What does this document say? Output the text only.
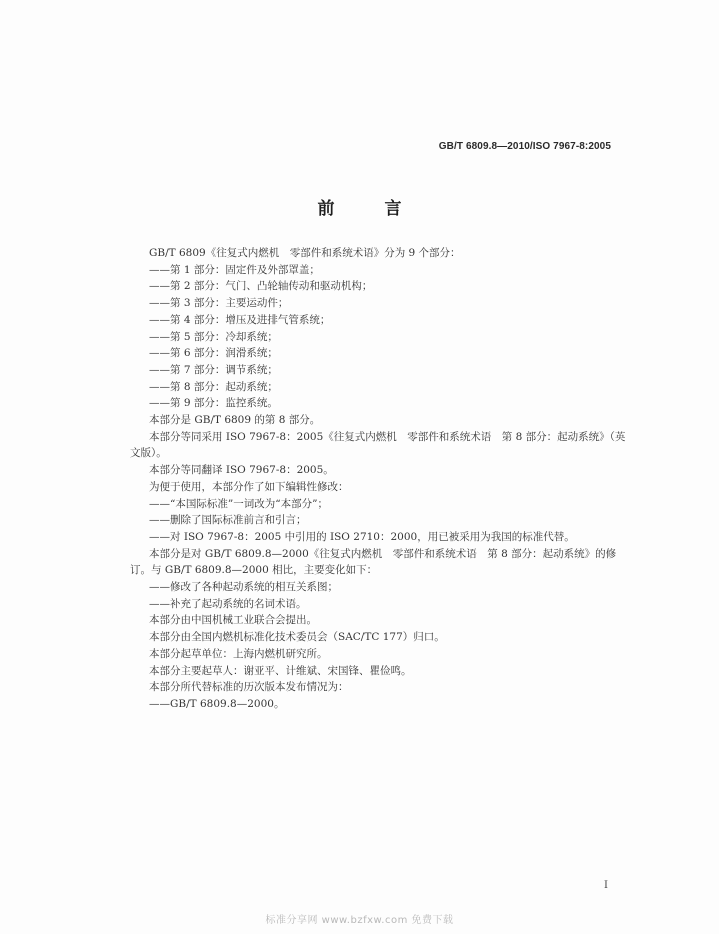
GB/T 6809.8—2010/ISO 7967-8:2005
前 言
GB/T 6809《往复式内燃机　零部件和系统术语》分为 9 个部分：
——第 1 部分：固定件及外部罩盖；
——第 2 部分：气门、凸轮轴传动和驱动机构；
——第 3 部分：主要运动件；
——第 4 部分：增压及进排气管系统；
——第 5 部分：冷却系统；
——第 6 部分：润滑系统；
——第 7 部分：调节系统；
——第 8 部分：起动系统；
——第 9 部分：监控系统。
本部分是 GB/T 6809 的第 8 部分。
本部分等同采用 ISO 7967-8：2005《往复式内燃机　零部件和系统术语　第 8 部分：起动系统》（英
文版）。
本部分等同翻译 ISO 7967-8：2005。
为便于使用，本部分作了如下编辑性修改：
——“本国际标准”一词改为“本部分”；
——删除了国际标准前言和引言；
——对 ISO 7967-8：2005 中引用的 ISO 2710：2000，用已被采用为我国的标准代替。
本部分是对 GB/T 6809.8—2000《往复式内燃机　零部件和系统术语　第 8 部分：起动系统》的修
订。与 GB/T 6809.8—2000 相比，主要变化如下：
——修改了各种起动系统的相互关系图；
——补充了起动系统的名词术语。
本部分由中国机械工业联合会提出。
本部分由全国内燃机标准化技术委员会（SAC/TC 177）归口。
本部分起草单位：上海内燃机研究所。
本部分主要起草人：谢亚平、计维斌、宋国锋、瞿俭鸣。
本部分所代替标准的历次版本发布情况为：
——GB/T 6809.8—2000。
I
标准分享网 www.bzfxw.com 免费下载
